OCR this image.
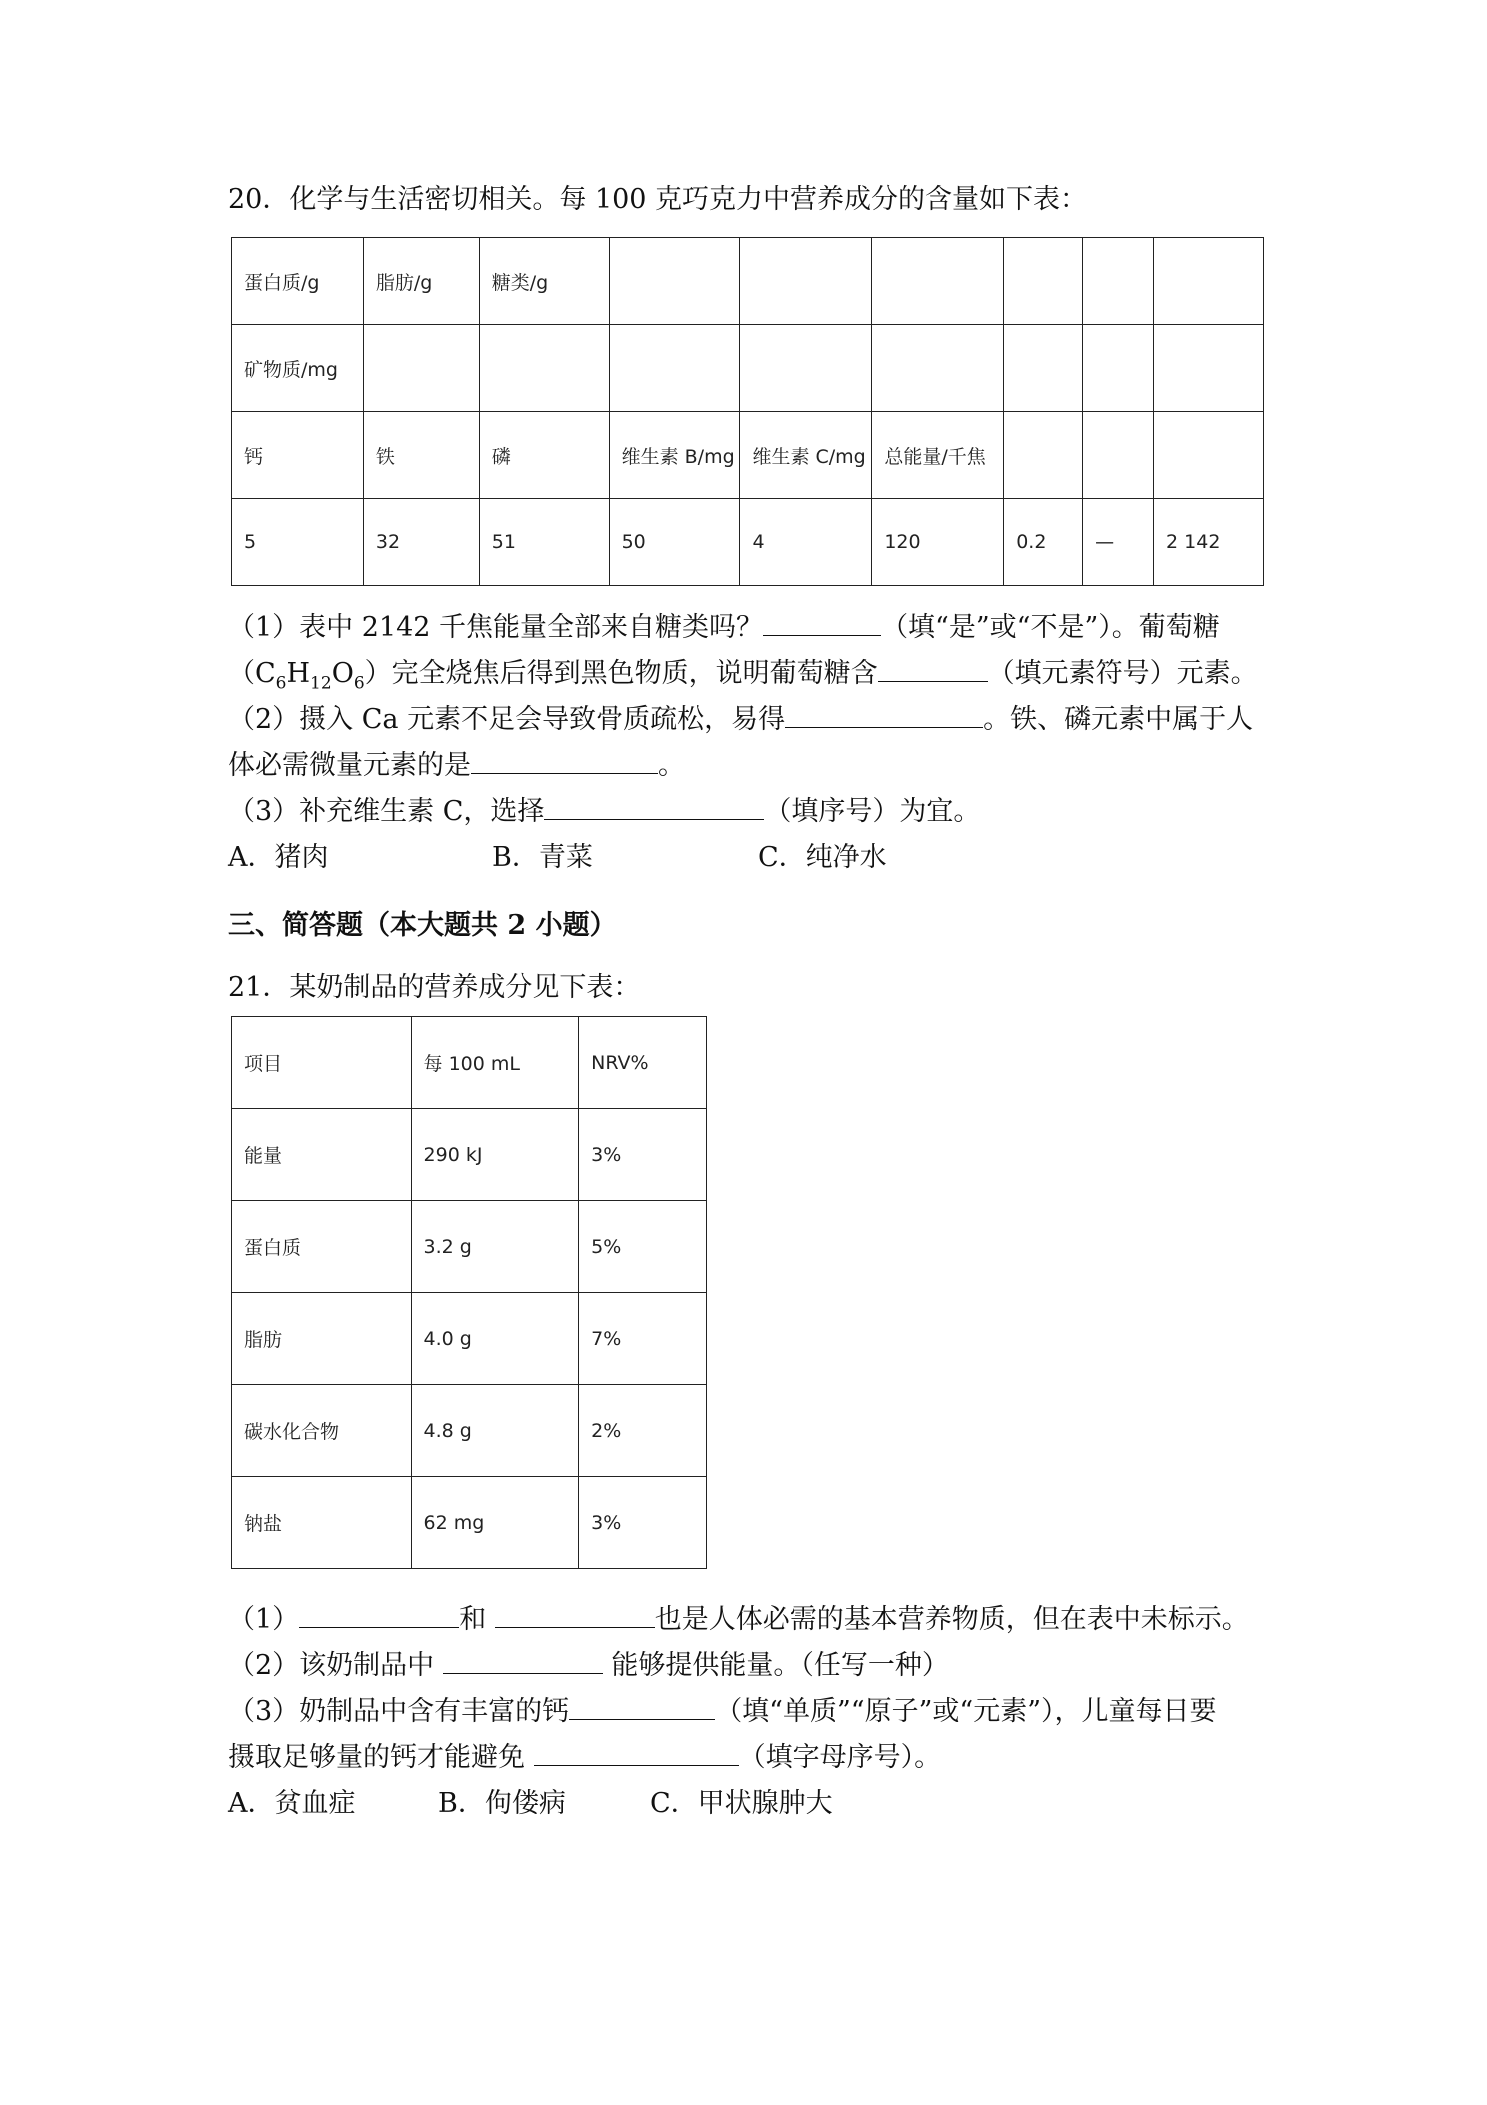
20．化学与生活密切相关。每 100 克巧克力中营养成分的含量如下表：
蛋白质/g	脂肪/g	糖类/g						
矿物质/mg								
钙	铁	磷	维生素 B/mg	维生素 C/mg	总能量/千焦			
5	32	51	50	4	120	0.2	—	2 142
（1）表中 2142 千焦能量全部来自糖类吗？	（填“是”或“不是”）。葡萄糖
$(C_6H_{12}O_6)$完全烧焦后得到黑色物质，说明葡萄糖含	（填元素符号）元素。
（2）摄入 Ca 元素不足会导致骨质疏松，易得	。铁、磷元素中属于人
体必需微量元素的是	。
（3）补充维生素 C，选择	（填序号）为宜。
A．猪肉	B．青菜	C．纯净水
三、简答题（本大题共 2 小题）
21．某奶制品的营养成分见下表：
项目	每 100 mL	NRV%
能量	290 kJ	3%
蛋白质	3.2 g	5%
脂肪	4.0 g	7%
碳水化合物	4.8 g	2%
钠盐	62 mg	3%
（1）	和	也是人体必需的基本营养物质，但在表中未标示。
（2）该奶制品中	能够提供能量。（任写一种）
（3）奶制品中含有丰富的钙	（填“单质”“原子”或“元素”），儿童每日要
摄取足够量的钙才能避免	（填字母序号）。
A．贫血症	B．佝偻病	C．甲状腺肿大
